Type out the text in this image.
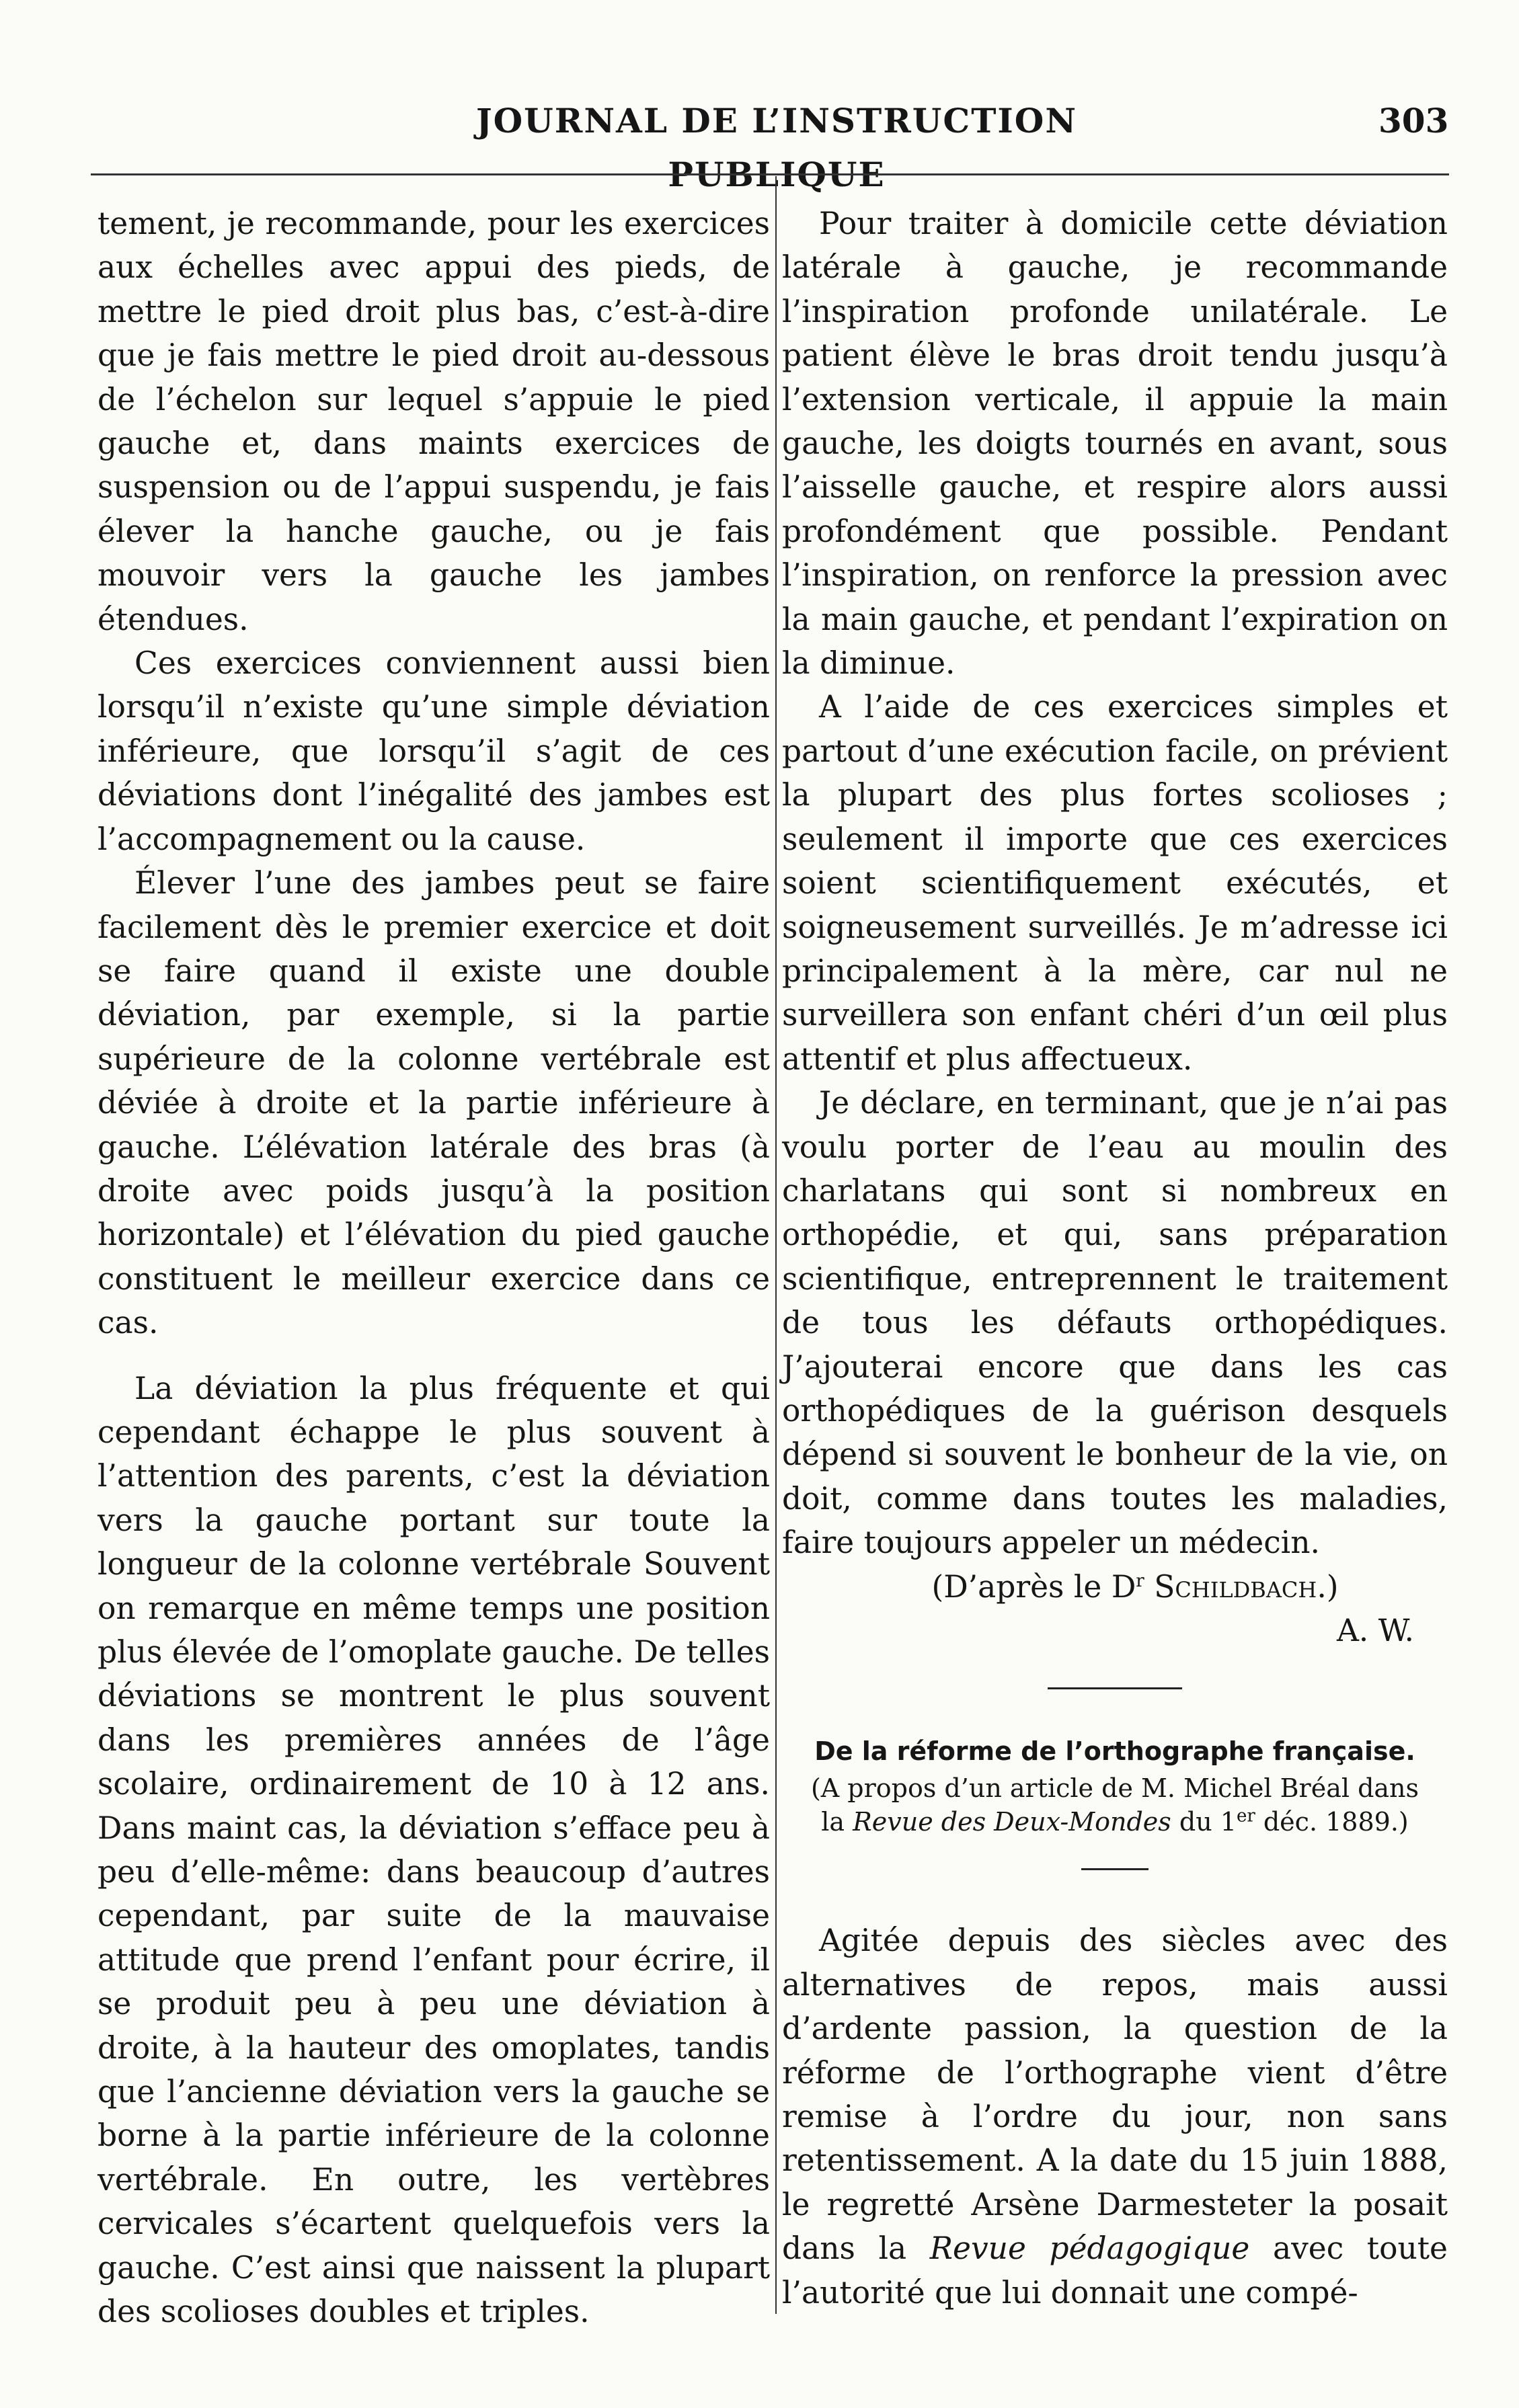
JOURNAL DE L’INSTRUCTION PUBLIQUE
303

tement, je recommande, pour les exercices aux échelles avec appui des pieds, de mettre le pied droit plus bas, c’est-à-dire que je fais mettre le pied droit au-dessous de l’échelon sur lequel s’appuie le pied gauche et, dans maints exercices de suspension ou de l’appui suspendu, je fais élever la hanche gauche, ou je fais mouvoir vers la gauche les jambes étendues.

Ces exercices conviennent aussi bien lorsqu’il n’existe qu’une simple déviation inférieure, que lorsqu’il s’agit de ces déviations dont l’inégalité des jambes est l’accompagnement ou la cause.

Élever l’une des jambes peut se faire facilement dès le premier exercice et doit se faire quand il existe une double déviation, par exemple, si la partie supérieure de la colonne vertébrale est déviée à droite et la partie inférieure à gauche. L’élévation latérale des bras (à droite avec poids jusqu’à la position horizontale) et l’élévation du pied gauche constituent le meilleur exercice dans ce cas.

La déviation la plus fréquente et qui cependant échappe le plus souvent à l’attention des parents, c’est la déviation vers la gauche portant sur toute la longueur de la colonne vertébrale Souvent on remarque en même temps une position plus élevée de l’omoplate gauche. De telles déviations se montrent le plus souvent dans les premières années de l’âge scolaire, ordinairement de 10 à 12 ans. Dans maint cas, la déviation s’efface peu à peu d’elle-même: dans beaucoup d’autres cependant, par suite de la mauvaise attitude que prend l’enfant pour écrire, il se produit peu à peu une déviation à droite, à la hauteur des omoplates, tandis que l’ancienne déviation vers la gauche se borne à la partie inférieure de la colonne vertébrale. En outre, les vertèbres cervicales s’écartent quelquefois vers la gauche. C’est ainsi que naissent la plupart des scolioses doubles et triples.

Pour traiter à domicile cette déviation latérale à gauche, je recommande l’inspiration profonde unilatérale. Le patient élève le bras droit tendu jusqu’à l’extension verticale, il appuie la main gauche, les doigts tournés en avant, sous l’aisselle gauche, et respire alors aussi profondément que possible. Pendant l’inspiration, on renforce la pression avec la main gauche, et pendant l’expiration on la diminue.

A l’aide de ces exercices simples et partout d’une exécution facile, on prévient la plupart des plus fortes scolioses ; seulement il importe que ces exercices soient scientifiquement exécutés, et soigneusement surveillés. Je m’adresse ici principalement à la mère, car nul ne surveillera son enfant chéri d’un œil plus attentif et plus affectueux.

Je déclare, en terminant, que je n’ai pas voulu porter de l’eau au moulin des charlatans qui sont si nombreux en orthopédie, et qui, sans préparation scientifique, entreprennent le traitement de tous les défauts orthopédiques. J’ajouterai encore que dans les cas orthopédiques de la guérison desquels dépend si souvent le bonheur de la vie, on doit, comme dans toutes les maladies, faire toujours appeler un médecin.

(D’après le $D^r$ Schildbach.)

A. W.

De la réforme de l’orthographe française.

(A propos d’un article de M. Michel Bréal dans la Revue des Deux-Mondes du 1er déc. 1889.)

Agitée depuis des siècles avec des alternatives de repos, mais aussi d’ardente passion, la question de la réforme de l’orthographe vient d’être remise à l’ordre du jour, non sans retentissement. A la date du 15 juin 1888, le regretté Arsène Darmesteter la posait dans la Revue pédagogique avec toute l’autorité que lui donnait une compé-
